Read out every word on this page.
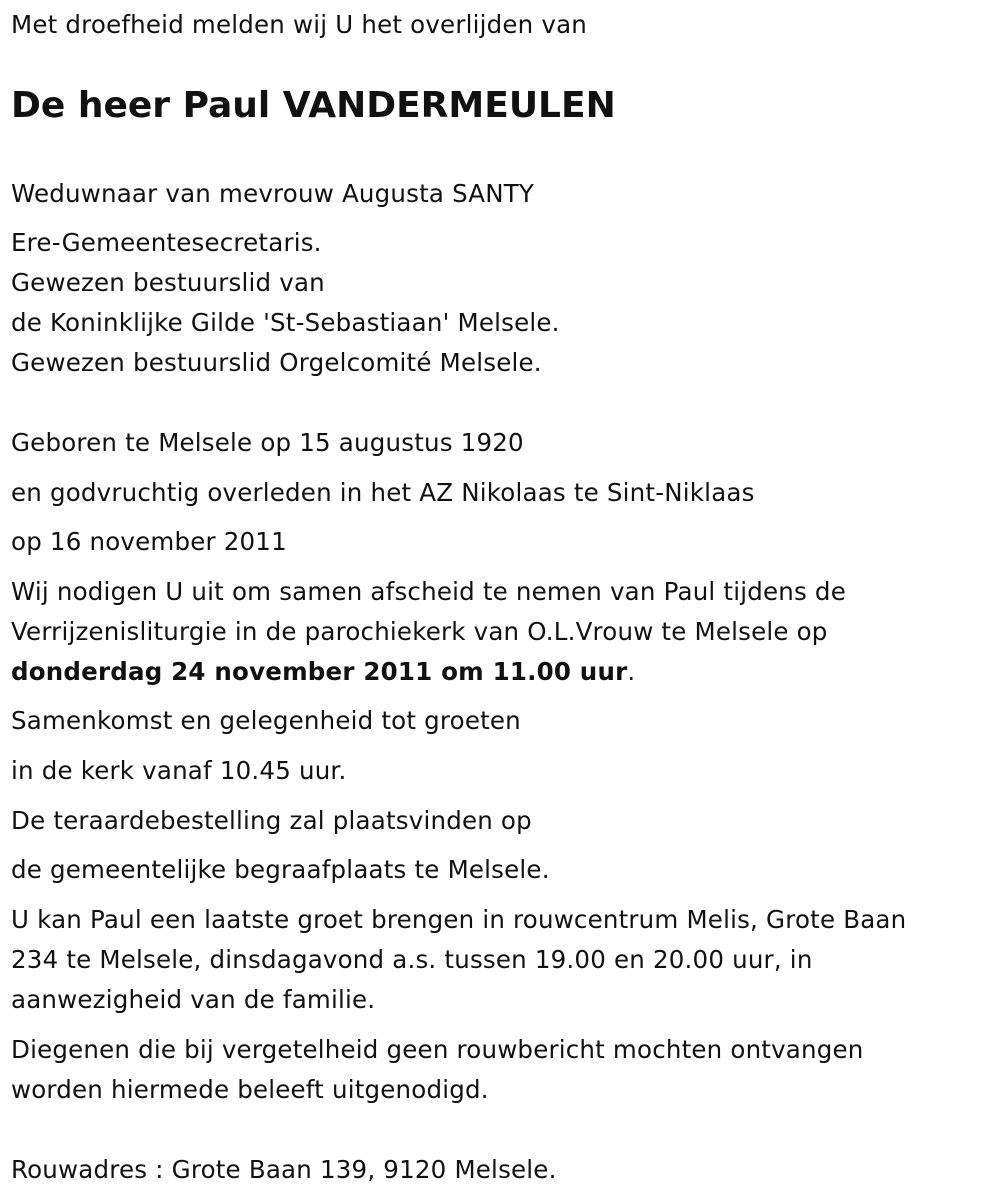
Met droefheid melden wij U het overlijden van
De heer Paul VANDERMEULEN
Weduwnaar van mevrouw Augusta SANTY
Ere-Gemeentesecretaris.
Gewezen bestuurslid van
de Koninklijke Gilde 'St-Sebastiaan' Melsele.
Gewezen bestuurslid Orgelcomité Melsele.
Geboren te Melsele op 15 augustus 1920
en godvruchtig overleden in het AZ Nikolaas te Sint-Niklaas
op 16 november 2011
Wij nodigen U uit om samen afscheid te nemen van Paul tijdens de
Verrijzenisliturgie in de parochiekerk van O.L.Vrouw te Melsele op
donderdag 24 november 2011 om 11.00 uur.
Samenkomst en gelegenheid tot groeten
in de kerk vanaf 10.45 uur.
De teraardebestelling zal plaatsvinden op
de gemeentelijke begraafplaats te Melsele.
U kan Paul een laatste groet brengen in rouwcentrum Melis, Grote Baan
234 te Melsele, dinsdagavond a.s. tussen 19.00 en 20.00 uur, in
aanwezigheid van de familie.
Diegenen die bij vergetelheid geen rouwbericht mochten ontvangen
worden hiermede beleeft uitgenodigd.
Rouwadres : Grote Baan 139, 9120 Melsele.
